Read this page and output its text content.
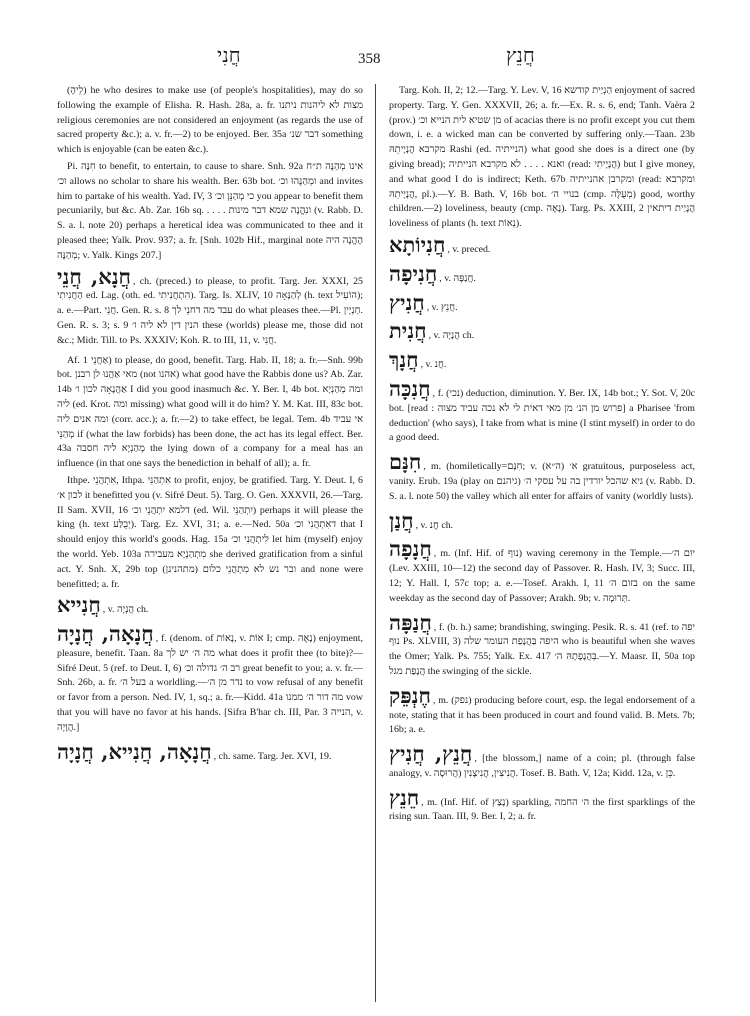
חֲנִי	358	חֲנֵץ
(לֵיהָ) he who desires to make use (of people's hospitalities), may do so following the example of Elisha. R. Hash. 28a, a. fr. מצות לא ליהנות ניתנו religious ceremonies are not considered an enjoyment (as regards the use of sacred property &c.); a. v. fr.—2) to be enjoyed. Ber. 35a דבר שנ׳ something which is enjoyable (can be eaten &c.).
Pi. חִנָּה to benefit, to entertain, to cause to share. Snh. 92a אינו מְהַנֶּה ת״ח וכ׳ allows no scholar to share his wealth. Ber. 63b bot. ומְהַנֶּהוּ וכ׳ and invites him to partake of his wealth. Yad. IV, 3 כי מְהַנֵּן וכ׳ you appear to benefit them pecuniarily, but &c. Ab. Zar. 16b sq. . . . . ונִהֱנָה שמא דבר מינות (v. Rabb. D. S. a. l. note 20) perhaps a heretical idea was communicated to thee and it pleased thee; Yalk. Prov. 937; a. fr. [Snh. 102b Hif., marginal note הֶהֱנָה היה מְהַנֶּה; v. Yalk. Kings 207.]
חֲנָא, חֲנֵי , ch. (preced.) to please, to profit. Targ. Jer. XXXI, 25 הַחֲנִיתִי ed. Lag. (oth. ed. הִתְחֲנִיתִי). Targ. Is. XLIV, 10 לְהַנָּאָה (h. text הוֹעִיל); a. e.—Part. חֲנֵי. Gen. R. s. 8 עבד מה דחנֵי לך do what pleases thee.—Pl. חַנְיָין. Gen. R. s. 3; s. 9 הנין דין לא ליה ו׳ these (worlds) please me, those did not &c.; Midr. Till. to Ps. XXXIV; Koh. R. to III, 11, v. ‌חֲנִי.
Af. אַחֲנֵי 1) to please, do good, benefit. Targ. Hab. II, 18; a. fr.—Snh. 99b bot. מאי אַהֲנוּ לן רבנן (not אהנו) what good have the Rabbis done us? Ab. Zar. 14b אַהֲנָאָה לכון ו׳ I did you good inasmuch &c. Y. Ber. I, 4b bot. ומה מְהַנְיָא ליה (ed. Krot. ומה missing) what good will it do him? Y. M. Kat. III, 83c bot. ומה אנים ליה (corr. acc.); a. fr.—2) to take effect, be legal. Tem. 4b אי עביד מְהַנֵּי if (what the law forbids) has been done, the act has its legal effect. Ber. 43a מְהַנְיָא ליה חסבה the lying down of a company for a meal has an influence (in that one says the benediction in behalf of all); a. fr.
Ithpe. אִתְהֲנֵי, Ithpa. אִתְהַנֵּי to profit, enjoy, be gratified. Targ. Y. Deut. I, 6 לכון א׳ it benefitted you (v. Sifré Deut. 5). Targ. O. Gen. XXXVII, 26.—Targ. II Sam. XVII, 16 דלמא יִתְהֲנֵי וכ׳ (ed. Wil. יִתְהַנֵּי) perhaps it will please the king (h. text יְבֻלַּע). Targ. Ez. XVI, 31; a. e.—Ned. 50a דאִתְהֲנִי וכ׳ that I should enjoy this world's goods. Hag. 15a לִיתְהֲנִי וכ׳ let him (myself) enjoy the world. Yeb. 103a מִתְהַנְיָא מעבירה she derived gratification from a sinful act. Y. Snh. X, 29b top ובר נש לא מִתְהֲנֵי כלום (מתהנינן) and none were benefitted; a. fr.
חֲנִייא , v. הֲנָיָה ch.
חֲנָאָה, חֲנָיָה , f. (denom. of נָאוֹת, v. אוֹת I; cmp. נָאֶה) enjoyment, pleasure, benefit. Taan. 8a מה ה׳ יש לך what does it profit thee (to bite)?—Sifré Deut. 5 (ref. to Deut. I, 6) רב ה׳ גדולה וכ׳ great benefit to you; a. v. fr.—Snh. 26b, a. fr. בעל ה׳ a worldling.—נדר מן ה׳ to vow refusal of any benefit or favor from a person. Ned. IV, 1, sq.; a. fr.—Kidd. 41a מה דור ה׳ ממנו vow that you will have no favor at his hands. [Sifra B'har ch. III, Par. 3 הנייה, v. הֲוָיָה.]
חֲנָאָה, חֲנִייא, חֲנָיָה , ch. same. Targ. Jer. XVI, 19.
Targ. Koh. II, 2; 12.—Targ. Y. Lev. V, 16 הַנְיַית קודשא enjoyment of sacred property. Targ. Y. Gen. XXXVII, 26; a. fr.—Ex. R. s. 6, end; Tanh. Vaëra 2 (prov.) מן שטיא לית הנייא וכ׳ of acacias there is no profit except you cut them down, i. e. a wicked man can be converted by suffering only.—Taan. 23b מקרבא הֲנָיָיתֵהּ Rashi (ed. הנייתיה) what good she does is a direct one (by giving bread); ואנא . . . . לא מקרבא הנייתיה (read: הֲנָיָיתִי) but I give money, and what good I do is indirect; Keth. 67b ומקרבן אהנייתיה (read: ומקרבא הֲנָיָיתֵהּ, pl.).—Y. B. Bath. V, 16b bot. בנויי ה׳ (cmp. מְעֻלֶּה) good, worthy children.—2) loveliness, beauty (cmp. נָאֶה). Targ. Ps. XXIII, 2 הֲנָיַית דיתאין loveliness of plants (h. text נְאוֹת).
חֲנִיוֹתָא , v. preced.
חֲנִיפָה , v. חֲנַפָּה.
חֲנִיץ , v. חֲנֵץ.
חֲנִית , v. הֲנָיָה ch.
חֲנָךְ , v. חֲנ.
חֲנִכָּה , f. (נכי) deduction, diminution. Y. Ber. IX, 14b bot.; Y. Sot. V, 20c bot. [read : פרוש מן הנ׳ מן מאי דאית לי לא נכה עביד מצוה] a Pharisee 'from deduction' (who says), I take from what is mine (I stint myself) in order to do a good deed.
חִנָּם , m. (homiletically=חִנָּם; v. א׳ (ה״א) gratuitous, purposeless act, vanity. Erub. 19a (play on גיהנם) גיא שהכל יורדין בה על עסקי ה׳ (v. Rabb. D. S. a. l. note 50) the valley which all enter for affairs of vanity (worldly lusts).
חֲנַן , v. חֲנ ch.
חֲנָפָה , m. (Inf. Hif. of נוף) waving ceremony in the Temple.—יום ה׳ (Lev. XXIII, 10—12) the second day of Passover. R. Hash. IV, 3; Succ. III, 12; Y. Hall. I, 57c top; a. e.—Tosef. Arakh. I, 11 בזום ה׳ on the same weekday as the second day of Passover; Arakh. 9b; v. תְּרוּמָה.
חֲנַפָּה , f. (b. h.) same; brandishing, swinging. Pesik. R. s. 41 (ref. to יפה נוף Ps. XLVIII, 3) היפה בַּהֲנָפַת העומר שלה who is beautiful when she waves the Omer; Yalk. Ps. 755; Yalk. Ex. 417 בְּהֲנָפָתָהּ ה׳.—Y. Maasr. II, 50a top הֲנָפַת מגל the swinging of the sickle.
חֶנְפֵּק , m. (נפק) producing before court, esp. the legal endorsement of a note, stating that it has been produced in court and found valid. B. Mets. 7b; 16b; a. e.
חֲנֵץ, חֲנִיץ , [the blossom,] name of a coin; pl. (through false analogy, v. הֲרוּסָה) הֲנִיצִין, הֲנִיצָנִין. Tosef. B. Bath. V, 12a; Kidd. 12a, v. כֵּן.
חֵנֵץ , m. (Inf. Hif. of נָצַץ) sparkling, ה׳ החמה the first sparklings of the rising sun. Taan. III, 9. Ber. I, 2; a. fr.
